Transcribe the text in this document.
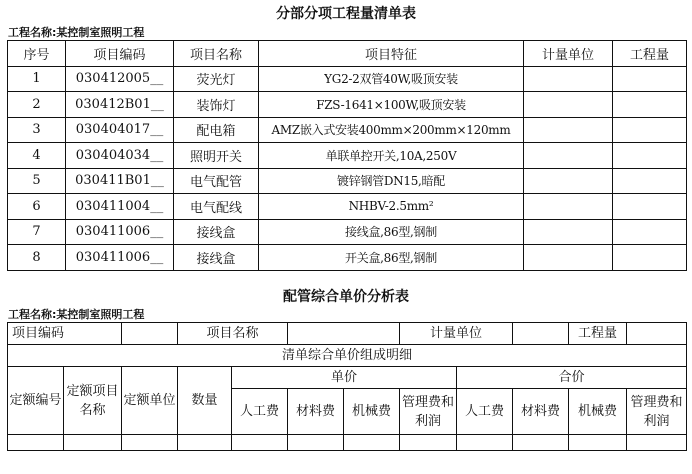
分部分项工程量清单表
工程名称:某控制室照明工程
序号	项目编码	项目名称	项目特征	计量单位	工程量
1	030412005__	荧光灯	YG2-2双管40W,吸顶安装		
2	030412B01__	装饰灯	FZS-1641×100W,吸顶安装		
3	030404017__	配电箱	AMZ嵌入式安装400mm×200mm×120mm		
4	030404034__	照明开关	单联单控开关,10A,250V		
5	030411B01__	电气配管	镀锌钢管DN15,暗配		
6	030411004__	电气配线	NHBV-2.5mm²		
7	030411006__	接线盒	接线盒,86型,钢制		
8	030411006__	接线盒	开关盒,86型,钢制		
配管综合单价分析表
工程名称:某控制室照明工程
项目编码			项目名称				计量单位			工程量	
清单综合单价组成明细											
定额编号	定额项目名称	定额单位	数量	单价				合价			
				人工费	材料费	机械费	管理费和利润	人工费	材料费	机械费	管理费和利润
